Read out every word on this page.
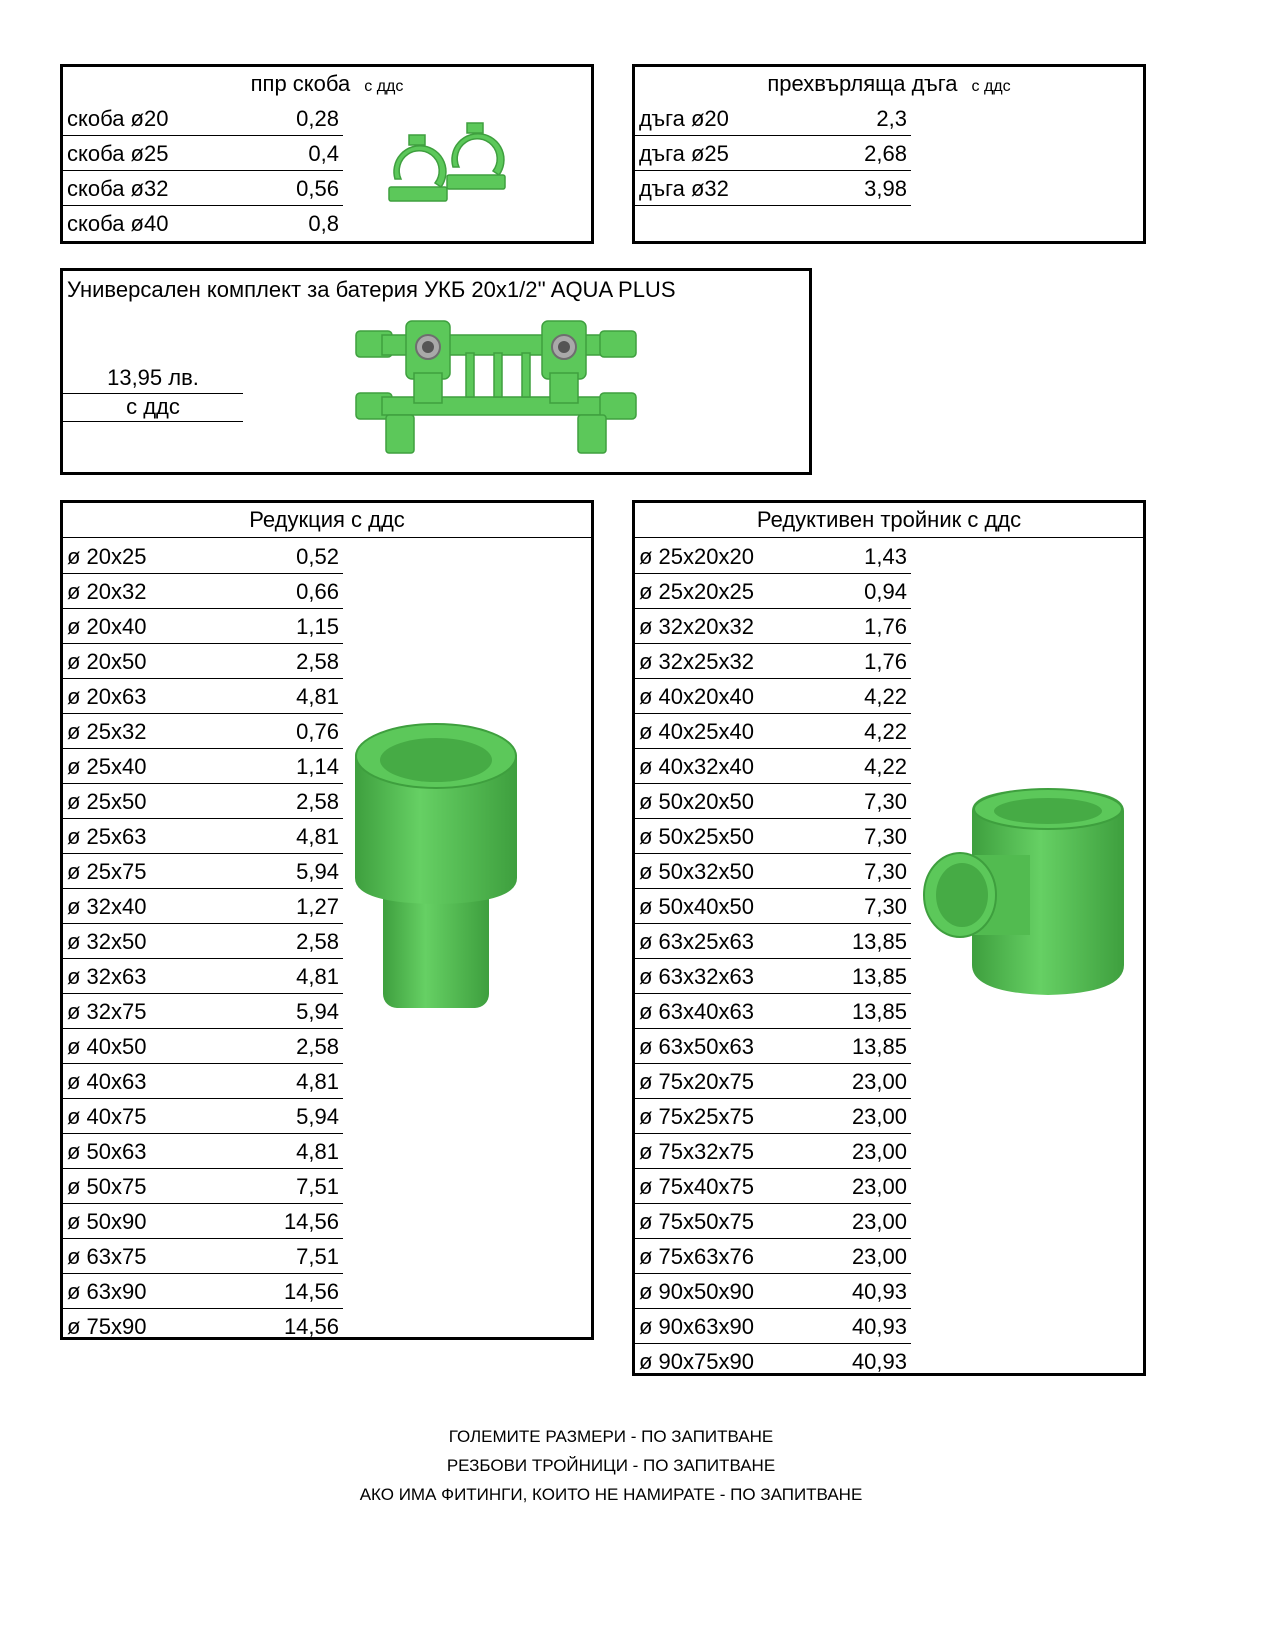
ппр скоба с ддс
скоба ø20	0,28
скоба ø25	0,4
скоба ø32	0,56
скоба ø40	0,8
прехвърляща дъга с ддс
дъга ø20	2,3
дъга ø25	2,68
дъга ø32	3,98
Универсален комплект за батерия УКБ 20x1/2'' AQUA PLUS
13,95 лв.
с ддс
Редукция с ддс
ø 20x25	0,52
ø 20x32	0,66
ø 20x40	1,15
ø 20x50	2,58
ø 20x63	4,81
ø 25x32	0,76
ø 25x40	1,14
ø 25x50	2,58
ø 25x63	4,81
ø 25x75	5,94
ø 32x40	1,27
ø 32x50	2,58
ø 32x63	4,81
ø 32x75	5,94
ø 40x50	2,58
ø 40x63	4,81
ø 40x75	5,94
ø 50x63	4,81
ø 50x75	7,51
ø 50x90	14,56
ø 63x75	7,51
ø 63x90	14,56
ø 75x90	14,56
Редуктивен тройник с ддс
ø 25x20x20	1,43
ø 25x20x25	0,94
ø 32x20x32	1,76
ø 32x25x32	1,76
ø 40x20x40	4,22
ø 40x25x40	4,22
ø 40x32x40	4,22
ø 50x20x50	7,30
ø 50x25x50	7,30
ø 50x32x50	7,30
ø 50x40x50	7,30
ø 63x25x63	13,85
ø 63x32x63	13,85
ø 63x40x63	13,85
ø 63x50x63	13,85
ø 75x20x75	23,00
ø 75x25x75	23,00
ø 75x32x75	23,00
ø 75x40x75	23,00
ø 75x50x75	23,00
ø 75x63x76	23,00
ø 90x50x90	40,93
ø 90x63x90	40,93
ø 90x75x90	40,93
ГОЛЕМИТЕ РАЗМЕРИ - ПО ЗАПИТВАНЕ
РЕЗБОВИ ТРОЙНИЦИ - ПО ЗАПИТВАНЕ
АКО ИМА ФИТИНГИ, КОИТО НЕ НАМИРАТЕ - ПО ЗАПИТВАНЕ
